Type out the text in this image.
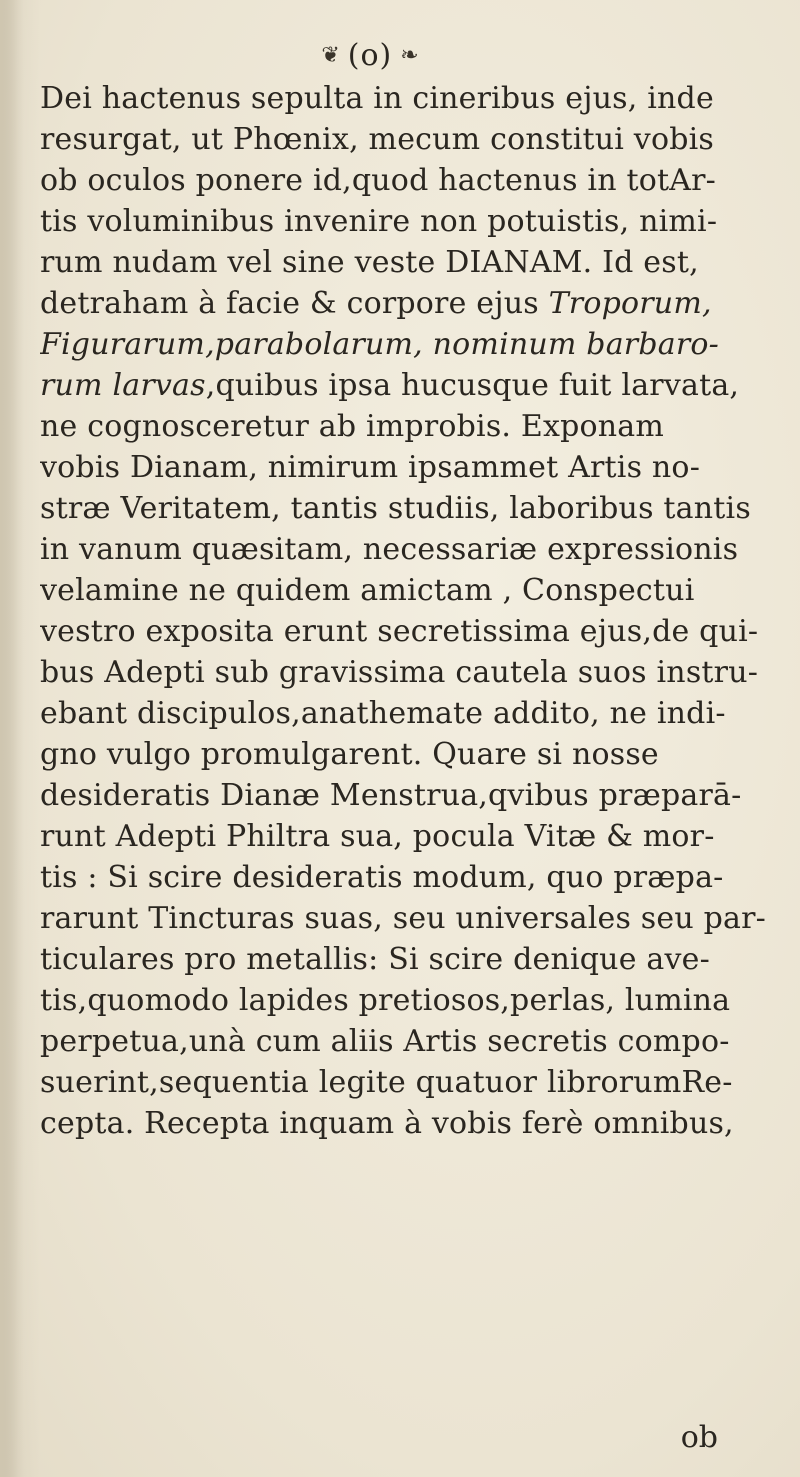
❦ (o) ❧
Dei hactenus sepulta in cineribus ejus, inde
resurgat, ut Phœnix, mecum constitui vobis
ob oculos ponere id,quod hactenus in totAr-
tis voluminibus invenire non potuistis, nimi-
rum nudam vel sine veste DIANAM. Id est,
detraham à facie & corpore ejus Troporum,
Figurarum,parabolarum, nominum barbaro-
rum larvas,quibus ipsa hucusque fuit larvata,
ne cognosceretur ab improbis. Exponam
vobis Dianam, nimirum ipsammet Artis no-
stræ Veritatem, tantis studiis, laboribus tantis
in vanum quæsitam, necessariæ expressionis
velamine ne quidem amictam , Conspectui
vestro exposita erunt secretissima ejus,de qui-
bus Adepti sub gravissima cautela suos instru-
ebant discipulos,anathemate addito, ne indi-
gno vulgo promulgarent. Quare si nosse
desideratis Dianæ Menstrua,qvibus præparā-
runt Adepti Philtra sua, pocula Vitæ & mor-
tis : Si scire desideratis modum, quo præpa-
rarunt Tincturas suas, seu universales seu par-
ticulares pro metallis: Si scire denique ave-
tis,quomodo lapides pretiosos,perlas, lumina
perpetua,unà cum aliis Artis secretis compo-
suerint,sequentia legite quatuor librorumRe-
cepta. Recepta inquam à vobis ferè omnibus,
ob
